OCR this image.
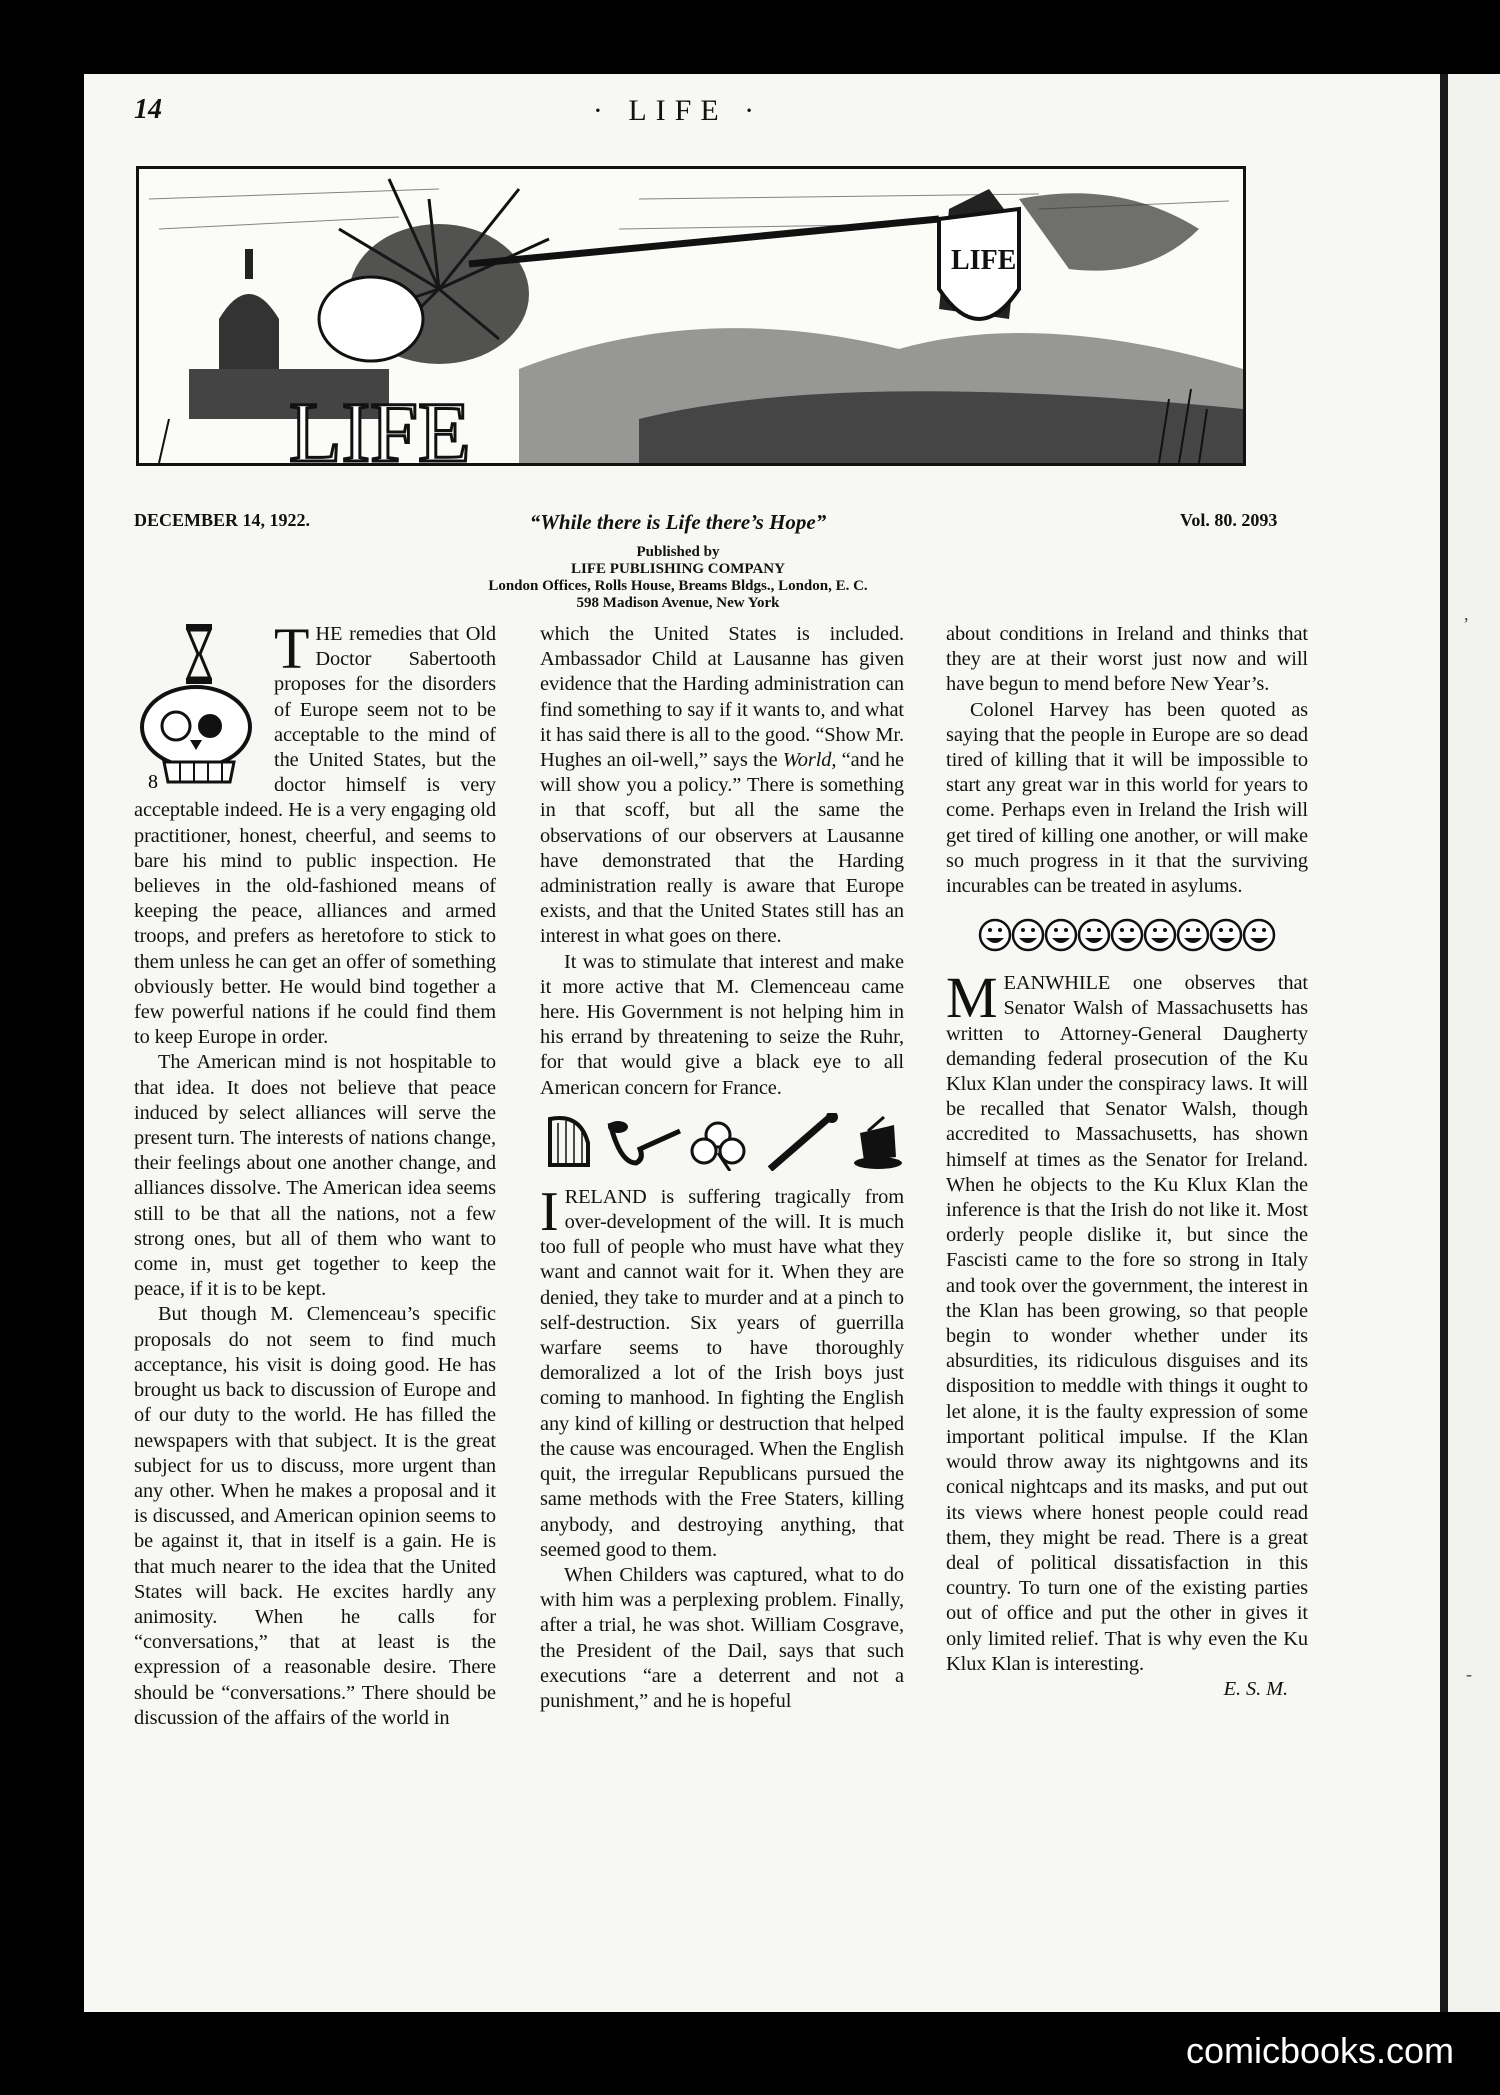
,
-
14	· LIFE ·
LIFE
LIFE
DECEMBER 14, 1922.	“While there is Life there’s Hope”	Vol. 80. 2093
Published by
LIFE PUBLISHING COMPANY
London Offices, Rolls House, Breams Bldgs., London, E. C.
598 Madison Avenue, New York
8

THE remedies that Old Doctor Sabertooth proposes for the disorders of Europe seem not to be acceptable to the mind of the United States, but the doctor himself is very acceptable indeed. He is a very engaging old practitioner, honest, cheerful, and seems to bare his mind to public inspection. He believes in the old-fashioned means of keeping the peace, alliances and armed troops, and prefers as heretofore to stick to them unless he can get an offer of something obviously better. He would bind together a few powerful nations if he could find them to keep Europe in order.

The American mind is not hospitable to that idea. It does not believe that peace induced by select alliances will serve the present turn. The interests of nations change, their feelings about one another change, and alliances dissolve. The American idea seems still to be that all the nations, not a few strong ones, but all of them who want to come in, must get together to keep the peace, if it is to be kept.

But though M. Clemenceau’s specific proposals do not seem to find much acceptance, his visit is doing good. He has brought us back to discussion of Europe and of our duty to the world. He has filled the newspapers with that subject. It is the great subject for us to discuss, more urgent than any other. When he makes a proposal and it is discussed, and American opinion seems to be against it, that in itself is a gain. He is that much nearer to the idea that the United States will back. He excites hardly any animosity. When he calls for “conversations,” that at least is the expression of a reasonable desire. There should be “conversations.” There should be discussion of the affairs of the world in

which the United States is included. Ambassador Child at Lausanne has given evidence that the Harding administration can find something to say if it wants to, and what it has said there is all to the good. “Show Mr. Hughes an oil-well,” says the World, “and he will show you a policy.” There is something in that scoff, but all the same the observations of our observers at Lausanne have demonstrated that the Harding administration really is aware that Europe exists, and that the United States still has an interest in what goes on there.

It was to stimulate that interest and make it more active that M. Clemenceau came here. His Government is not helping him in his errand by threatening to seize the Ruhr, for that would give a black eye to all American concern for France.

IRELAND is suffering tragically from over-development of the will. It is much too full of people who must have what they want and cannot wait for it. When they are denied, they take to murder and at a pinch to self-destruction. Six years of guerrilla warfare seems to have thoroughly demoralized a lot of the Irish boys just coming to manhood. In fighting the English any kind of killing or destruction that helped the cause was encouraged. When the English quit, the irregular Republicans pursued the same methods with the Free Staters, killing anybody, and destroying anything, that seemed good to them.

When Childers was captured, what to do with him was a perplexing problem. Finally, after a trial, he was shot. William Cosgrave, the President of the Dail, says that such executions “are a deterrent and not a punishment,” and he is hopeful

about conditions in Ireland and thinks that they are at their worst just now and will have begun to mend before New Year’s.

Colonel Harvey has been quoted as saying that the people in Europe are so dead tired of killing that it will be impossible to start any great war in this world for years to come. Perhaps even in Ireland the Irish will get tired of killing one another, or will make so much progress in it that the surviving incurables can be treated in asylums.

MEANWHILE one observes that Senator Walsh of Massachusetts has written to Attorney-General Daugherty demanding federal prosecution of the Ku Klux Klan under the conspiracy laws. It will be recalled that Senator Walsh, though accredited to Massachusetts, has shown himself at times as the Senator for Ireland. When he objects to the Ku Klux Klan the inference is that the Irish do not like it. Most orderly people dislike it, but since the Fascisti came to the fore so strong in Italy and took over the government, the interest in the Klan has been growing, so that people begin to wonder whether under its absurdities, its ridiculous disguises and its disposition to meddle with things it ought to let alone, it is the faulty expression of some important political impulse. If the Klan would throw away its nightgowns and its conical nightcaps and its masks, and put out its views where honest people could read them, they might be read. There is a great deal of political dissatisfaction in this country. To turn one of the existing parties out of office and put the other in gives it only limited relief. That is why even the Ku Klux Klan is interesting.

E. S. M.
comicbooks.com
